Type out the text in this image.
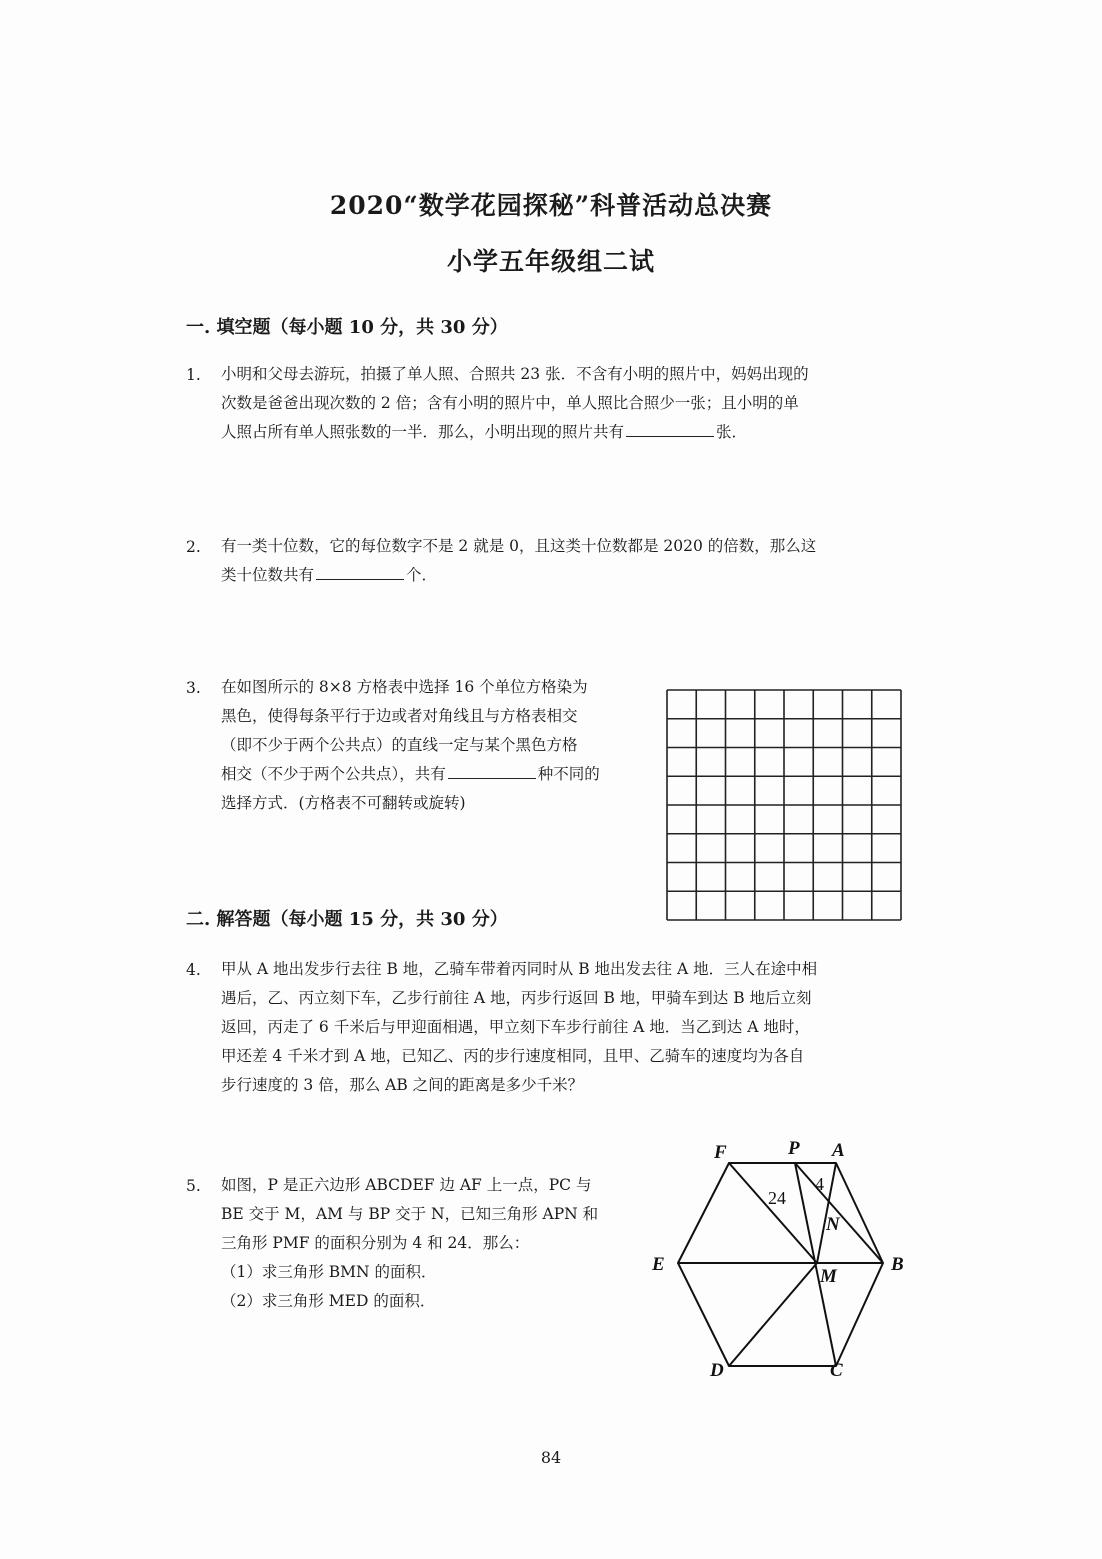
2020“数学花园探秘”科普活动总决赛
小学五年级组二试
一. 填空题（每小题 10 分，共 30 分）
1. 小明和父母去游玩，拍摄了单人照、合照共 23 张．不含有小明的照片中，妈妈出现的
次数是爸爸出现次数的 2 倍；含有小明的照片中，单人照比合照少一张；且小明的单
人照占所有单人照张数的一半．那么，小明出现的照片共有	张．
2. 有一类十位数，它的每位数字不是 2 就是 0，且这类十位数都是 2020 的倍数，那么这
类十位数共有	个．
3. 在如图所示的 8×8 方格表中选择 16 个单位方格染为
黑色，使得每条平行于边或者对角线且与方格表相交
（即不少于两个公共点）的直线一定与某个黑色方格
相交（不少于两个公共点），共有	种不同的
选择方式．(方格表不可翻转或旋转)
二. 解答题（每小题 15 分，共 30 分）
4. 甲从 A 地出发步行去往 B 地，乙骑车带着丙同时从 B 地出发去往 A 地．三人在途中相
遇后，乙、丙立刻下车，乙步行前往 A 地，丙步行返回 B 地，甲骑车到达 B 地后立刻
返回，丙走了 6 千米后与甲迎面相遇，甲立刻下车步行前往 A 地．当乙到达 A 地时，
甲还差 4 千米才到 A 地，已知乙、丙的步行速度相同，且甲、乙骑车的速度均为各自
步行速度的 3 倍，那么 AB 之间的距离是多少千米？
5. 如图，P 是正六边形 ABCDEF 边 AF 上一点，PC 与
BE 交于 M，AM 与 BP 交于 N，已知三角形 APN 和
三角形 PMF 的面积分别为 4 和 24．那么：
（1）求三角形 BMN 的面积．
（2）求三角形 MED 的面积．
F	P A
E
M
B
N
D	C
24
4
84
